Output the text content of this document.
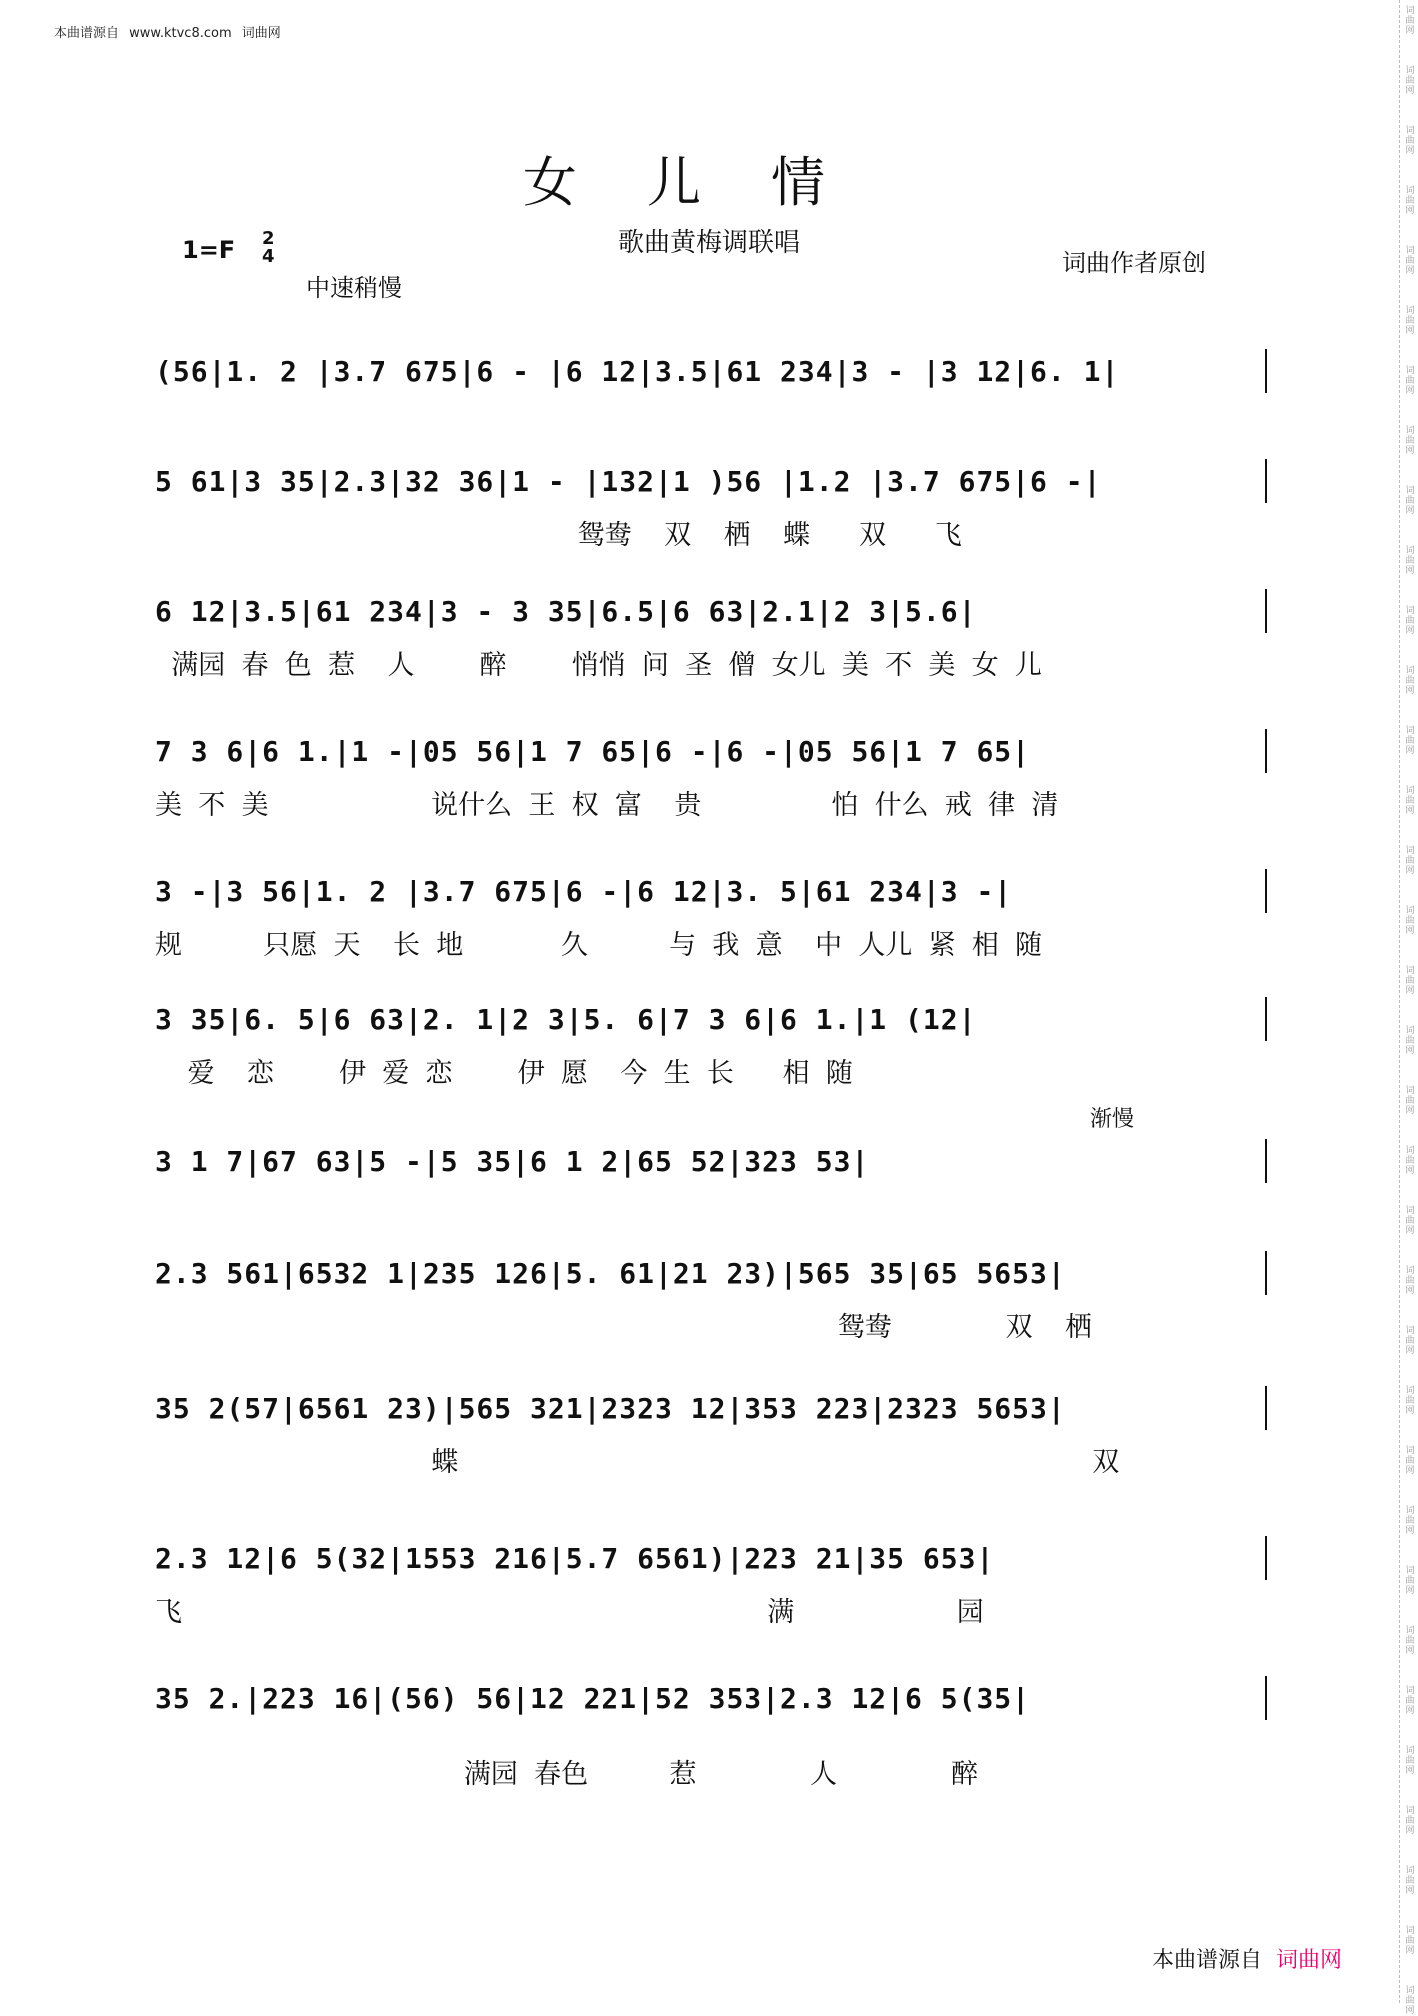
本曲谱源自 www.ktvc8.com 词曲网
词曲网
词曲网
词曲网
词曲网
词曲网
词曲网
词曲网
词曲网
词曲网
词曲网
词曲网
词曲网
词曲网
词曲网
词曲网
词曲网
词曲网
词曲网
词曲网
词曲网
词曲网
词曲网
词曲网
词曲网
词曲网
词曲网
词曲网
词曲网
词曲网
词曲网
词曲网
词曲网
词曲网
词曲网
女儿情
歌曲黄梅调联唱
1=F 2
4
中速稍慢
词曲作者原创
(56|1. 2 |3.7 675|6 - |6 12|3.5|61 234|3 - |3 12|6. 1|
5 61|3 35|2.3|32 36|1 - |132|1 )56 |1.2 |3.7 675|6 -|
鸳鸯  双  栖  蝶   双   飞
6 12|3.5|61 234|3 - 3 35|6.5|6 63|2.1|2 3|5.6|
满园 春 色 惹  人    醉    悄悄 问 圣 僧 女儿 美 不 美 女 儿
7 3 6|6 1.|1 -|05 56|1 7 65|6 -|6 -|05 56|1 7 65|
美 不 美          说什么 王 权 富  贵        怕 什么 戒 律 清
3 -|3 56|1. 2 |3.7 675|6 -|6 12|3. 5|61 234|3 -|
规     只愿 天  长 地      久     与 我 意  中 人儿 紧 相 随
3 35|6. 5|6 63|2. 1|2 3|5. 6|7 3 6|6 1.|1 (12|
爱  恋    伊 爱 恋    伊 愿  今 生 长   相 随
3 1 7|67 63|5 -|5 35|6 1 2|65 52|323 53|
2.3 561|6532 1|235 126|5. 61|21 23)|565 35|65 5653|
鸳鸯       双  栖
35 2(57|6561 23)|565 321|2323 12|353 223|2323 5653|
蝶                                       双
2.3 12|6 5(32|1553 216|5.7 6561)|223 21|35 653|
飞                                    满          园
35 2.|223 16|(56) 56|12 221|52 353|2.3 12|6 5(35|
满园 春色     惹       人       醉
渐慢
本曲谱源自 词曲网
